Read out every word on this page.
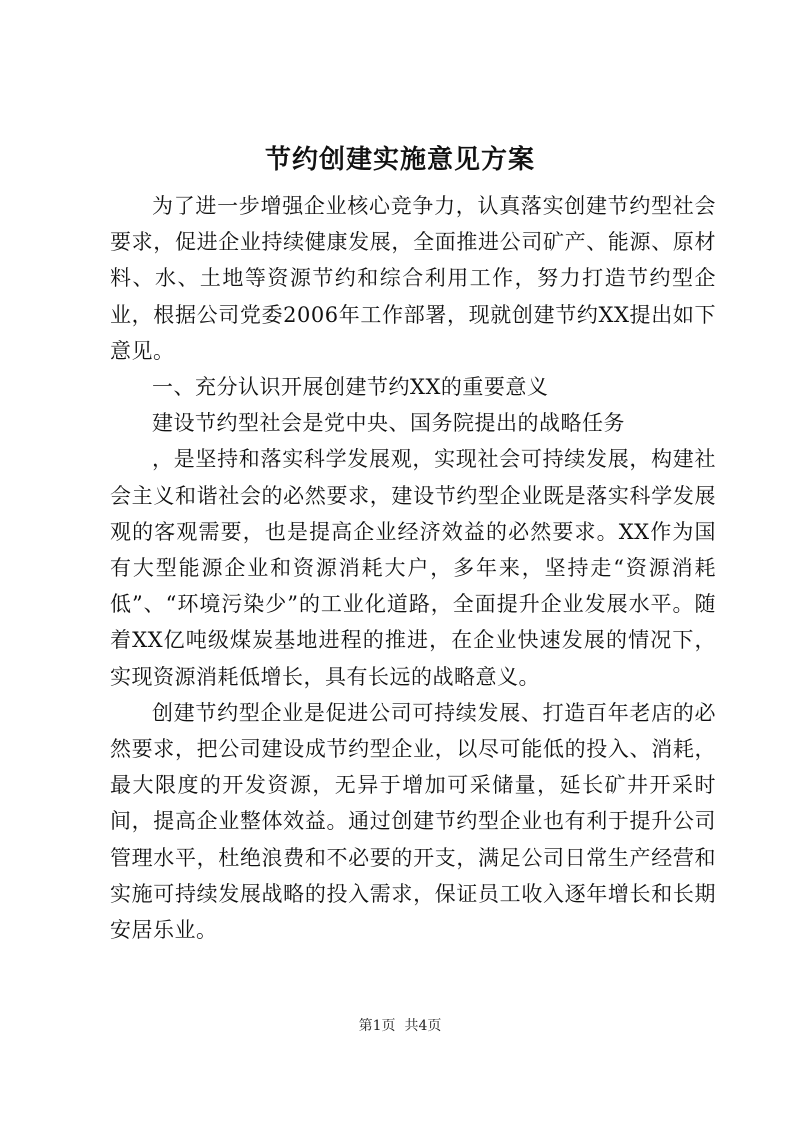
节约创建实施意见方案

为了进一步增强企业核心竞争力，认真落实创建节约型社会要求，促进企业持续健康发展，全面推进公司矿产、能源、原材料、水、土地等资源节约和综合利用工作，努力打造节约型企业，根据公司党委2006年工作部署，现就创建节约XX提出如下意见。

一、充分认识开展创建节约XX的重要意义

建设节约型社会是党中央、国务院提出的战略任务

，是坚持和落实科学发展观，实现社会可持续发展，构建社会主义和谐社会的必然要求，建设节约型企业既是落实科学发展观的客观需要，也是提高企业经济效益的必然要求。XX作为国有大型能源企业和资源消耗大户，多年来，坚持走“资源消耗低”、“环境污染少”的工业化道路，全面提升企业发展水平。随着XX亿吨级煤炭基地进程的推进，在企业快速发展的情况下，实现资源消耗低增长，具有长远的战略意义。

创建节约型企业是促进公司可持续发展、打造百年老店的必然要求，把公司建设成节约型企业，以尽可能低的投入、消耗，最大限度的开发资源，无异于增加可采储量，延长矿井开采时间，提高企业整体效益。通过创建节约型企业也有利于提升公司管理水平，杜绝浪费和不必要的开支，满足公司日常生产经营和实施可持续发展战略的投入需求，保证员工收入逐年增长和长期安居乐业。

第1页  共4页
